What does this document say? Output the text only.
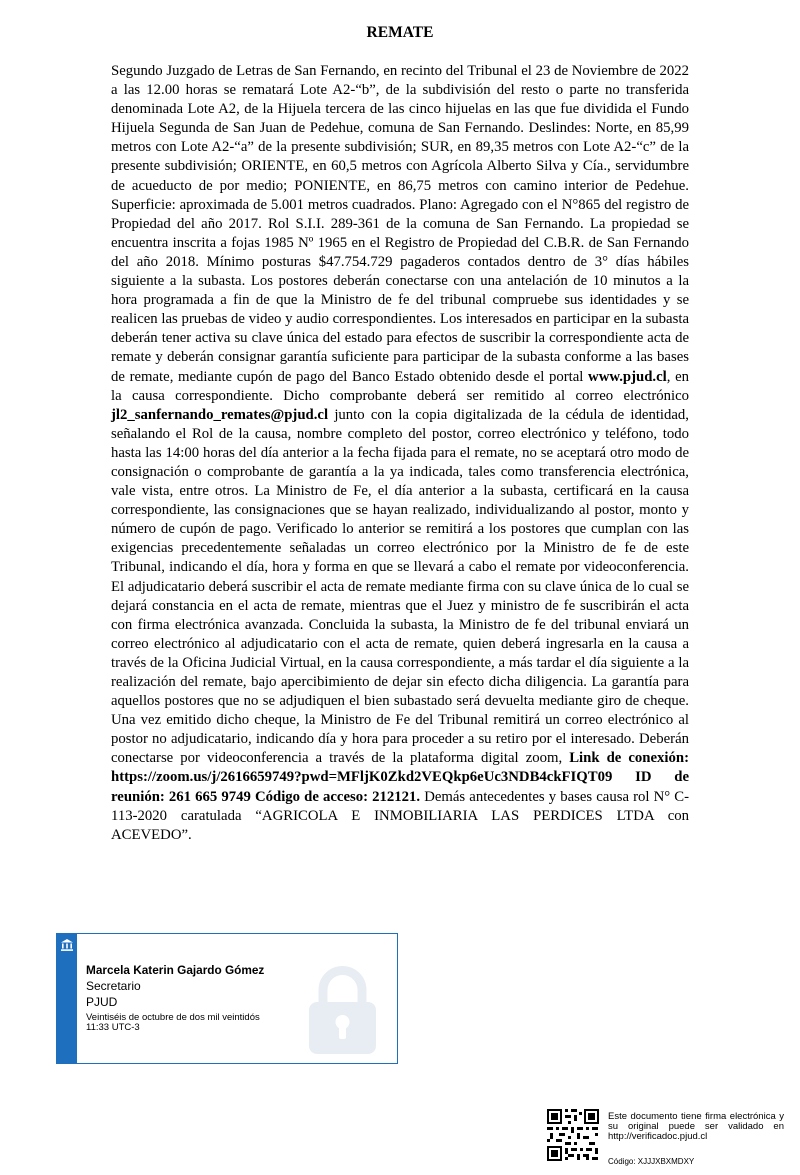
REMATE
Segundo Juzgado de Letras de San Fernando, en recinto del Tribunal el 23 de Noviembre de 2022 a las 12.00 horas se rematará Lote A2-“b”, de la subdivisión del resto o parte no transferida denominada Lote A2, de la Hijuela tercera de las cinco hijuelas en las que fue dividida el Fundo Hijuela Segunda de San Juan de Pedehue, comuna de San Fernando. Deslindes: Norte, en 85,99 metros con Lote A2-“a” de la presente subdivisión; SUR, en 89,35 metros con Lote A2-“c” de la presente subdivisión; ORIENTE, en 60,5 metros con Agrícola Alberto Silva y Cía., servidumbre de acueducto de por medio; PONIENTE, en 86,75 metros con camino interior de Pedehue. Superficie: aproximada de 5.001 metros cuadrados. Plano: Agregado con el N°865 del registro de Propiedad del año 2017. Rol S.I.I. 289-361 de la comuna de San Fernando. La propiedad se encuentra inscrita a fojas 1985 Nº 1965 en el Registro de Propiedad del C.B.R. de San Fernando del año 2018. Mínimo posturas $47.754.729 pagaderos contados dentro de 3° días hábiles siguiente a la subasta. Los postores deberán conectarse con una antelación de 10 minutos a la hora programada a fin de que la Ministro de fe del tribunal compruebe sus identidades y se realicen las pruebas de video y audio correspondientes. Los interesados en participar en la subasta deberán tener activa su clave única del estado para efectos de suscribir la correspondiente acta de remate y deberán consignar garantía suficiente para participar de la subasta conforme a las bases de remate, mediante cupón de pago del Banco Estado obtenido desde el portal www.pjud.cl, en la causa correspondiente. Dicho comprobante deberá ser remitido al correo electrónico jl2_sanfernando_remates@pjud.cl junto con la copia digitalizada de la cédula de identidad, señalando el Rol de la causa, nombre completo del postor, correo electrónico y teléfono, todo hasta las 14:00 horas del día anterior a la fecha fijada para el remate, no se aceptará otro modo de consignación o comprobante de garantía a la ya indicada, tales como transferencia electrónica, vale vista, entre otros. La Ministro de Fe, el día anterior a la subasta, certificará en la causa correspondiente, las consignaciones que se hayan realizado, individualizando al postor, monto y número de cupón de pago. Verificado lo anterior se remitirá a los postores que cumplan con las exigencias precedentemente señaladas un correo electrónico por la Ministro de fe de este Tribunal, indicando el día, hora y forma en que se llevará a cabo el remate por videoconferencia. El adjudicatario deberá suscribir el acta de remate mediante firma con su clave única de lo cual se dejará constancia en el acta de remate, mientras que el Juez y ministro de fe suscribirán el acta con firma electrónica avanzada. Concluida la subasta, la Ministro de fe del tribunal enviará un correo electrónico al adjudicatario con el acta de remate, quien deberá ingresarla en la causa a través de la Oficina Judicial Virtual, en la causa correspondiente, a más tardar el día siguiente a la realización del remate, bajo apercibimiento de dejar sin efecto dicha diligencia. La garantía para aquellos postores que no se adjudiquen el bien subastado será devuelta mediante giro de cheque. Una vez emitido dicho cheque, la Ministro de Fe del Tribunal remitirá un correo electrónico al postor no adjudicatario, indicando día y hora para proceder a su retiro por el interesado. Deberán conectarse por videoconferencia a través de la plataforma digital zoom, Link de conexión: https://zoom.us/j/2616659749?pwd=MFljK0Zkd2VEQkp6eUc3NDB4ckFIQT09 ID de reunión: 261 665 9749 Código de acceso: 212121. Demás antecedentes y bases causa rol N° C-113-2020 caratulada “AGRICOLA E INMOBILIARIA LAS PERDICES LTDA con ACEVEDO”.
Marcela Katerin Gajardo Gómez
Secretario
PJUD
Veintiséis de octubre de dos mil veintidós
11:33 UTC-3
Este documento tiene firma electrónica y su original puede ser validado en http://verificadoc.pjud.cl
Código: XJJJXBXMDXY
